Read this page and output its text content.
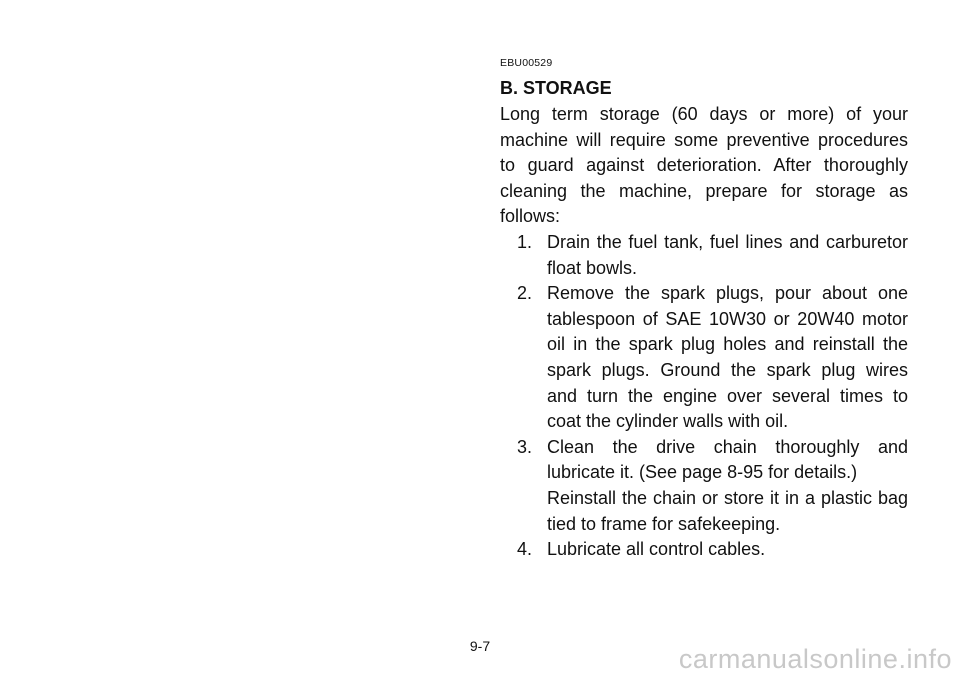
EBU00529

B. STORAGE

Long term storage (60 days or more) of your machine will require some preventive procedures to guard against deterioration. After thoroughly cleaning the machine, prepare for storage as follows:

1. Drain the fuel tank, fuel lines and carburetor float bowls.
2. Remove the spark plugs, pour about one tablespoon of SAE 10W30 or 20W40 motor oil in the spark plug holes and reinstall the spark plugs. Ground the spark plug wires and turn the engine over several times to coat the cylinder walls with oil.
3. Clean the drive chain thoroughly and lubricate it. (See page 8-95 for details.)
Reinstall the chain or store it in a plastic bag tied to frame for safekeeping.
4. Lubricate all control cables.
9-7	carmanualsonline.info
